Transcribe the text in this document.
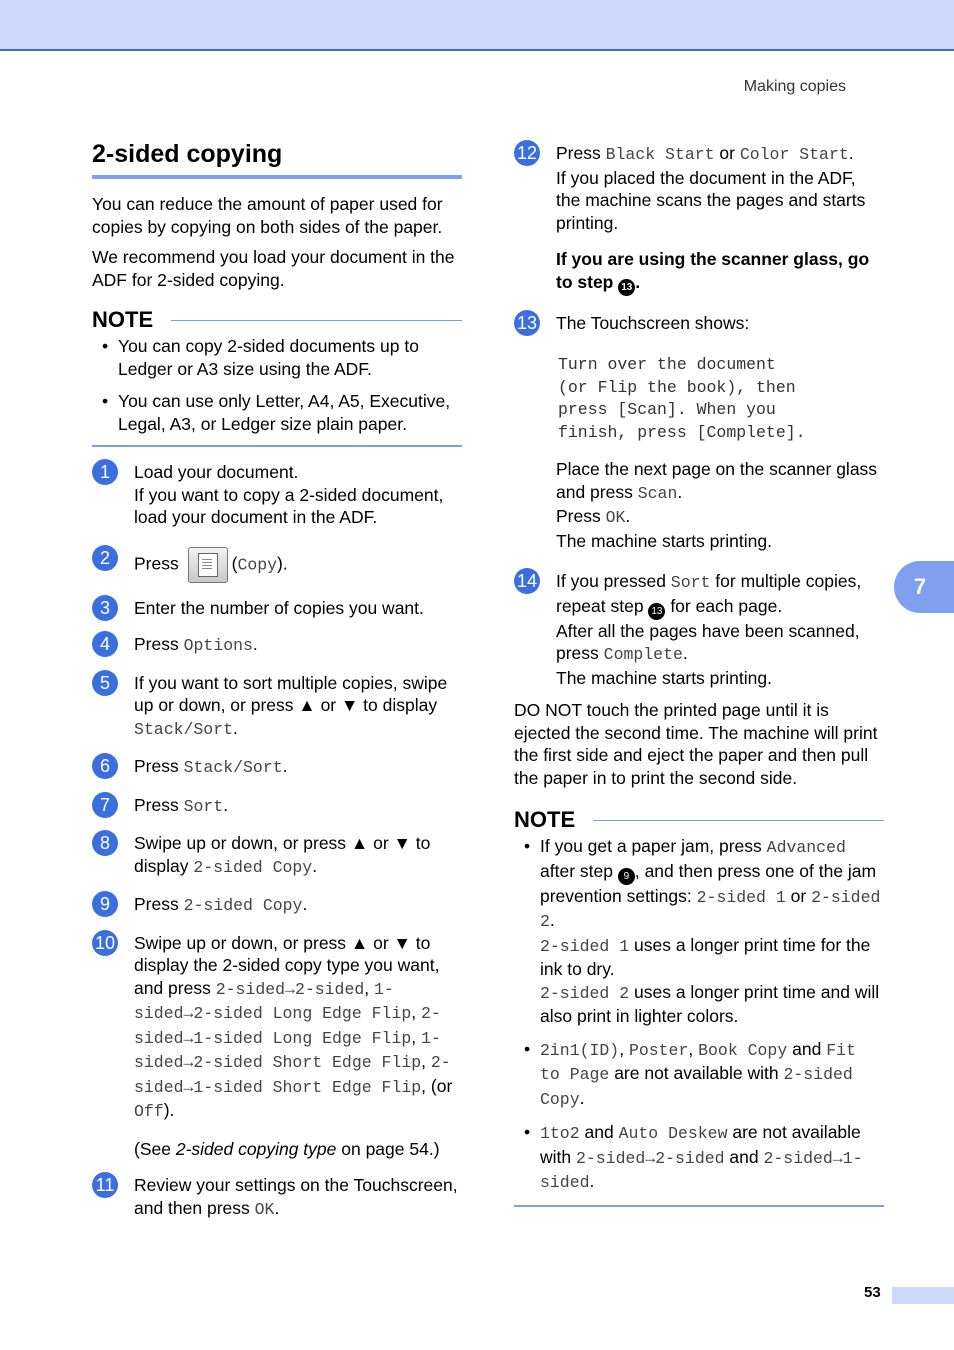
Making copies
7
2-sided copying

You can reduce the amount of paper used for copies by copying on both sides of the paper.

We recommend you load your document in the ADF for 2-sided copying.

NOTE
• You can copy 2-sided documents up to Ledger or A3 size using the ADF.
• You can use only Letter, A4, A5, Executive, Legal, A3, or Ledger size plain paper.
1	Load your document.
If you want to copy a 2-sided document, load your document in the ADF.
2	Press	(Copy).
3	Enter the number of copies you want.
4	Press Options.
5	If you want to sort multiple copies, swipe up or down, or press ▲ or ▼ to display Stack/Sort.
6	Press Stack/Sort.
7	Press Sort.
8	Swipe up or down, or press ▲ or ▼ to display 2-sided Copy.
9	Press 2-sided Copy.
10 Swipe up or down, or press ▲ or ▼ to display the 2-sided copy type you want, and press 2-sided→2-sided, 1-sided→2-sided Long Edge Flip, 2-sided→1-sided Long Edge Flip, 1-sided→2-sided Short Edge Flip, 2-sided→1-sided Short Edge Flip, (or Off).
(See 2-sided copying type on page 54.)
11 Review your settings on the Touchscreen, and then press OK.
12 Press Black Start or Color Start.
If you placed the document in the ADF, the machine scans the pages and starts printing.
If you are using the scanner glass, go to step 13 .
13 The Touchscreen shows:
Turn over the document
(or Flip the book), then
press [Scan]. When you
finish, press [Complete].
Place the next page on the scanner glass and press Scan.
Press OK.
The machine starts printing.
14 If you pressed Sort for multiple copies, repeat step 13 for each page.
After all the pages have been scanned, press Complete.
The machine starts printing.

DO NOT touch the printed page until it is ejected the second time. The machine will print the first side and eject the paper and then pull the paper in to print the second side.

NOTE
• If you get a paper jam, press Advanced after step 9 , and then press one of the jam prevention settings: 2-sided 1 or 2-sided 2.
2-sided 1 uses a longer print time for the ink to dry.
2-sided 2 uses a longer print time and will also print in lighter colors.
• 2in1(ID), Poster, Book Copy and Fit to Page are not available with 2-sided Copy.
• 1to2 and Auto Deskew are not available with 2-sided→2-sided and 2-sided→1-sided.
53
